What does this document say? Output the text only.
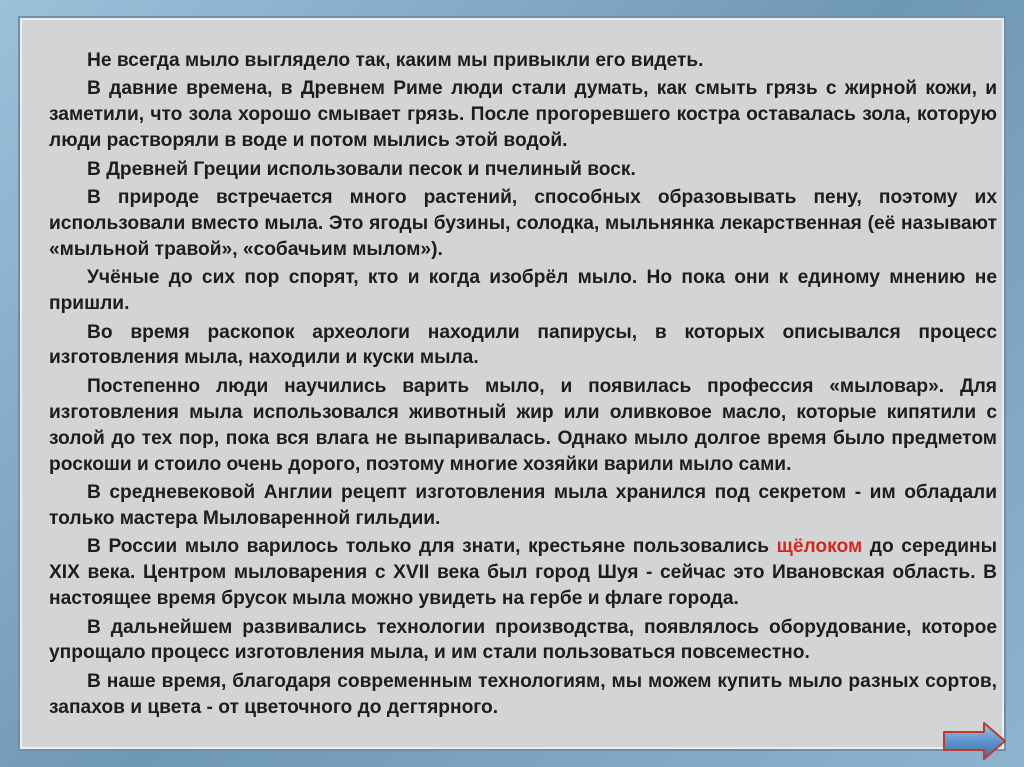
Не всегда мыло выглядело так, каким мы привыкли его видеть.

В давние времена, в Древнем Риме люди стали думать, как смыть грязь с жирной кожи, и заметили, что зола хорошо смывает грязь. После прогоревшего костра оставалась зола, которую люди растворяли в воде и потом мылись этой водой.

В Древней Греции использовали песок и пчелиный воск.

В природе встречается много растений, способных образовывать пену, поэтому их использовали вместо мыла. Это ягоды бузины, солодка, мыльнянка лекарственная (её называют «мыльной травой», «собачьим мылом»).

Учёные до сих пор спорят, кто и когда изобрёл мыло. Но пока они к единому мнению не пришли.

Во время раскопок археологи находили папирусы, в которых описывался процесс изготовления мыла, находили и куски мыла.

Постепенно люди научились варить мыло, и появилась профессия «мыловар». Для изготовления мыла использовался животный жир или оливковое масло, которые кипятили с золой до тех пор, пока вся влага не выпаривалась. Однако мыло долгое время было предметом роскоши и стоило очень дорого, поэтому многие хозяйки варили мыло сами.

В средневековой Англии рецепт изготовления мыла хранился под секретом - им обладали только мастера Мыловаренной гильдии.

В России мыло варилось только для знати, крестьяне пользовались щёлоком до середины XIX века. Центром мыловарения с XVII века был город Шуя - сейчас это Ивановская область. В настоящее время брусок мыла можно увидеть на гербе и флаге города.

В дальнейшем развивались технологии производства, появлялось оборудование, которое упрощало процесс изготовления мыла, и им стали пользоваться повсеместно.

В наше время, благодаря современным технологиям, мы можем купить мыло разных сортов, запахов и цвета - от цветочного до дегтярного.
